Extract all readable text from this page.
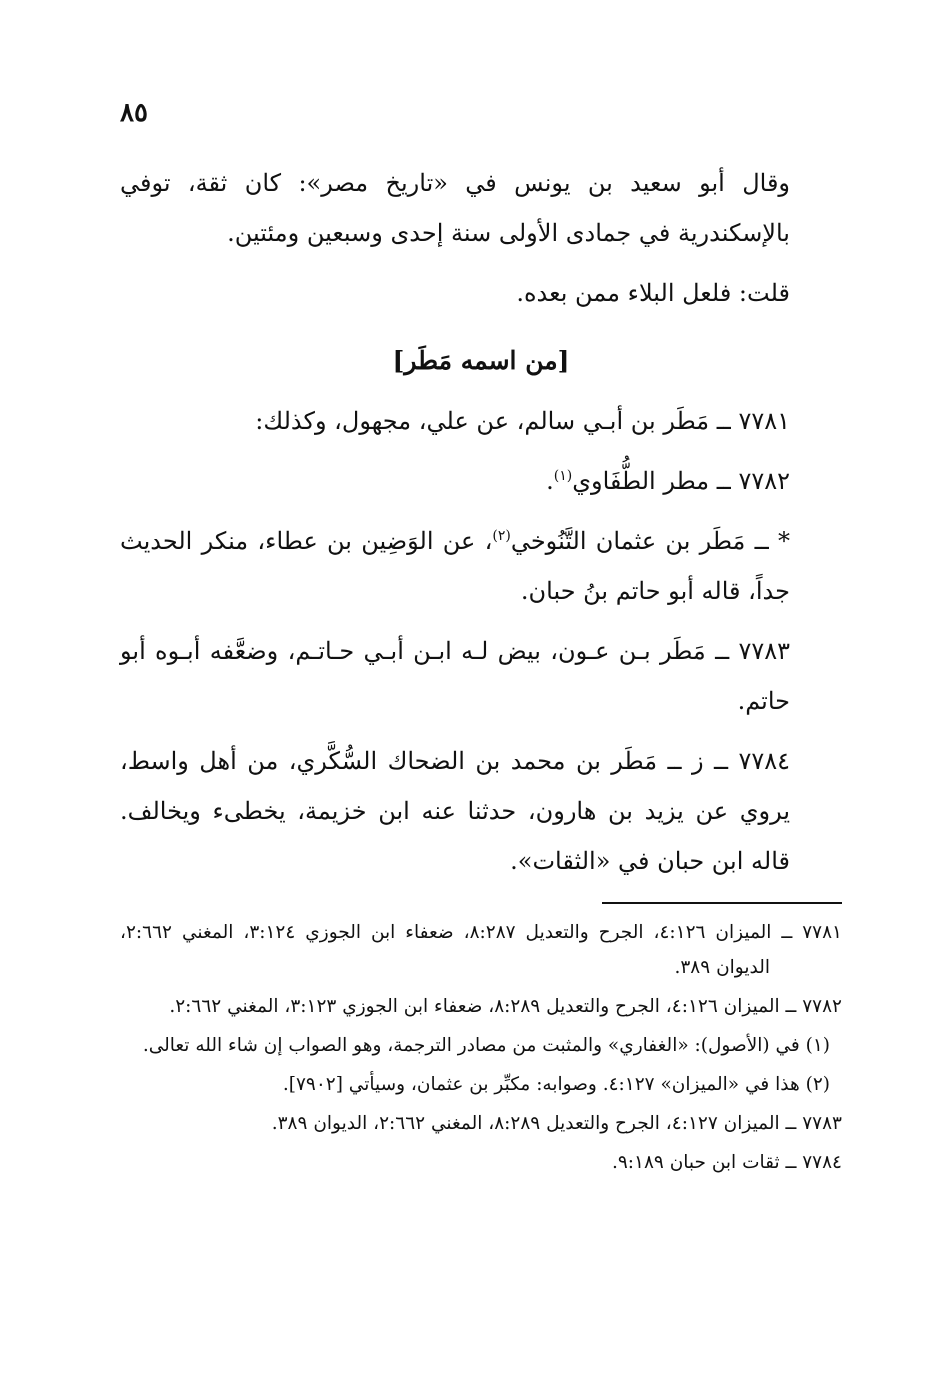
٨٥

وقال أبو سعيد بن يونس في «تاريخ مصر»: كان ثقة، توفي بالإسكندرية في جمادى الأولى سنة إحدى وسبعين ومئتين.

قلت: فلعل البلاء ممن بعده.

[من اسمه مَطَر]

٧٧٨١ ــ مَطَر بن أبـي سالم، عن علي، مجهول، وكذلك:

٧٧٨٢ ــ مطر الطُّفَاوي$^{(١)}$.

* ــ مَطَر بن عثمان التَّنُوخي$^{(٢)}$، عن الوَضِين بن عطاء، منكر الحديث جداً، قاله أبو حاتم بنُ حبان.

٧٧٨٣ ــ مَطَر بـن عـون، بيض لـه ابـن أبـي حـاتـم، وضعَّفه أبـوه أبو حاتم.

٧٧٨٤ ــ ز ــ مَطَر بن محمد بن الضحاك السُّكَّري، من أهل واسط، يروي عن يزيد بن هارون، حدثنا عنه ابن خزيمة، يخطىء ويخالف. قاله ابن حبان في «الثقات».

٧٧٨١ ــ الميزان ٤:١٢٦، الجرح والتعديل ٨:٢٨٧، ضعفاء ابن الجوزي ٣:١٢٤، المغني ٢:٦٦٢، الديوان ٣٨٩.

٧٧٨٢ ــ الميزان ٤:١٢٦، الجرح والتعديل ٨:٢٨٩، ضعفاء ابن الجوزي ٣:١٢٣، المغني ٢:٦٦٢.

(١) في (الأصول): «الغفاري» والمثبت من مصادر الترجمة، وهو الصواب إن شاء الله تعالى.

(٢) هذا في «الميزان» ٤:١٢٧. وصوابه: مكبِّر بن عثمان، وسيأتي [٧٩٠٢].

٧٧٨٣ ــ الميزان ٤:١٢٧، الجرح والتعديل ٨:٢٨٩، المغني ٢:٦٦٢، الديوان ٣٨٩.

٧٧٨٤ ــ ثقات ابن حبان ٩:١٨٩.
